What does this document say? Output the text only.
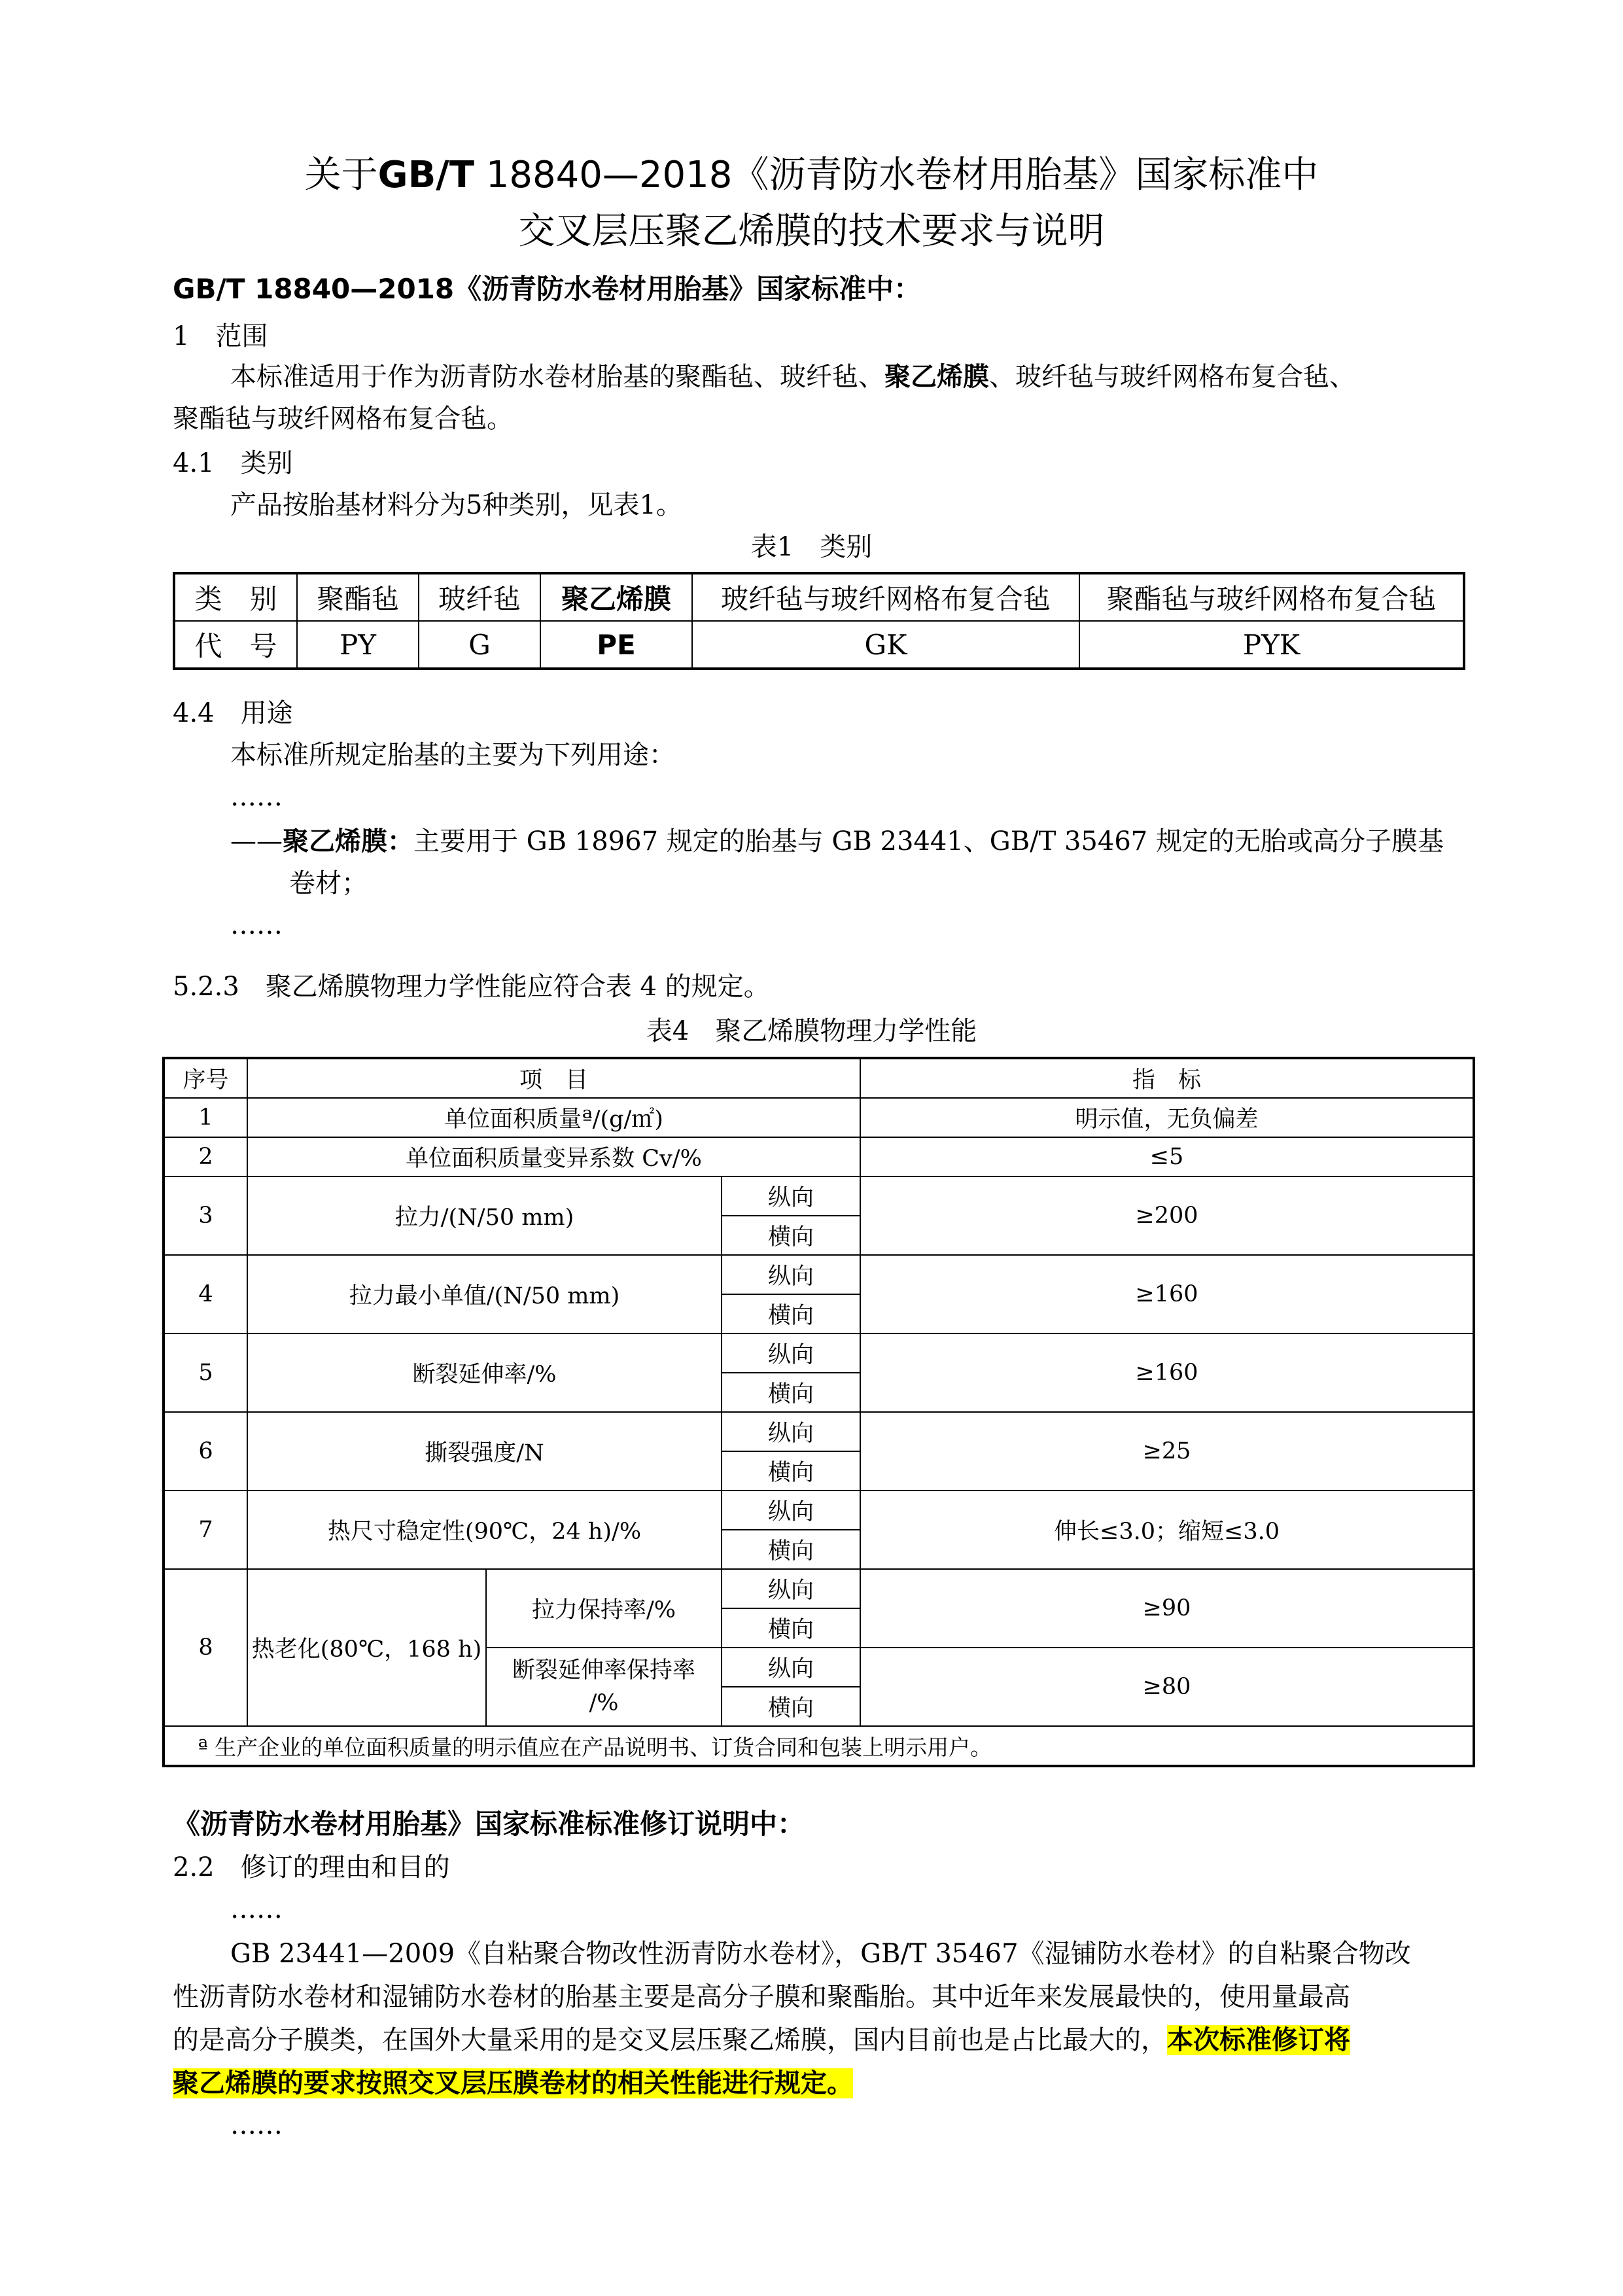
关于GB/T 18840—2018《沥青防水卷材用胎基》国家标准中
交叉层压聚乙烯膜的技术要求与说明
GB/T 18840—2018《沥青防水卷材用胎基》国家标准中：
1　范围
本标准适用于作为沥青防水卷材胎基的聚酯毡、玻纤毡、聚乙烯膜、玻纤毡与玻纤网格布复合毡、
聚酯毡与玻纤网格布复合毡。
4.1　类别
产品按胎基材料分为5种类别，见表1。
表1　类别
类　别	聚酯毡	玻纤毡	聚乙烯膜	玻纤毡与玻纤网格布复合毡	聚酯毡与玻纤网格布复合毡
代　号	PY	G	PE	GK	PYK
4.4　用途
本标准所规定胎基的主要为下列用途：
……
——聚乙烯膜：主要用于 GB 18967 规定的胎基与 GB 23441、GB/T 35467 规定的无胎或高分子膜基
卷材；
……
5.2.3　聚乙烯膜物理力学性能应符合表 4 的规定。
表4　聚乙烯膜物理力学性能
序号	项　目			指　标
1	单位面积质量ª/(g/㎡)			明示值，无负偏差
2	单位面积质量变异系数 Cv/%			≤5
3	拉力/(N/50 mm)		纵向	≥200
			横向	
4	拉力最小单值/(N/50 mm)		纵向	≥160
			横向	
5	断裂延伸率/%		纵向	≥160
			横向	
6	撕裂强度/N		纵向	≥25
			横向	
7	热尺寸稳定性(90℃，24 h)/%		纵向	伸长≤3.0；缩短≤3.0
			横向	
8	热老化(80℃，168 h)	拉力保持率/%	纵向	≥90
			横向	

		断裂延伸率保持率
/%	纵向	≥80
			横向	
ª 生产企业的单位面积质量的明示值应在产品说明书、订货合同和包装上明示用户。				
《沥青防水卷材用胎基》国家标准标准修订说明中：
2.2　修订的理由和目的
……
GB 23441—2009《自粘聚合物改性沥青防水卷材》，GB/T 35467《湿铺防水卷材》的自粘聚合物改
性沥青防水卷材和湿铺防水卷材的胎基主要是高分子膜和聚酯胎。其中近年来发展最快的，使用量最高
的是高分子膜类，在国外大量采用的是交叉层压聚乙烯膜，国内目前也是占比最大的，本次标准修订将
聚乙烯膜的要求按照交叉层压膜卷材的相关性能进行规定。
……
